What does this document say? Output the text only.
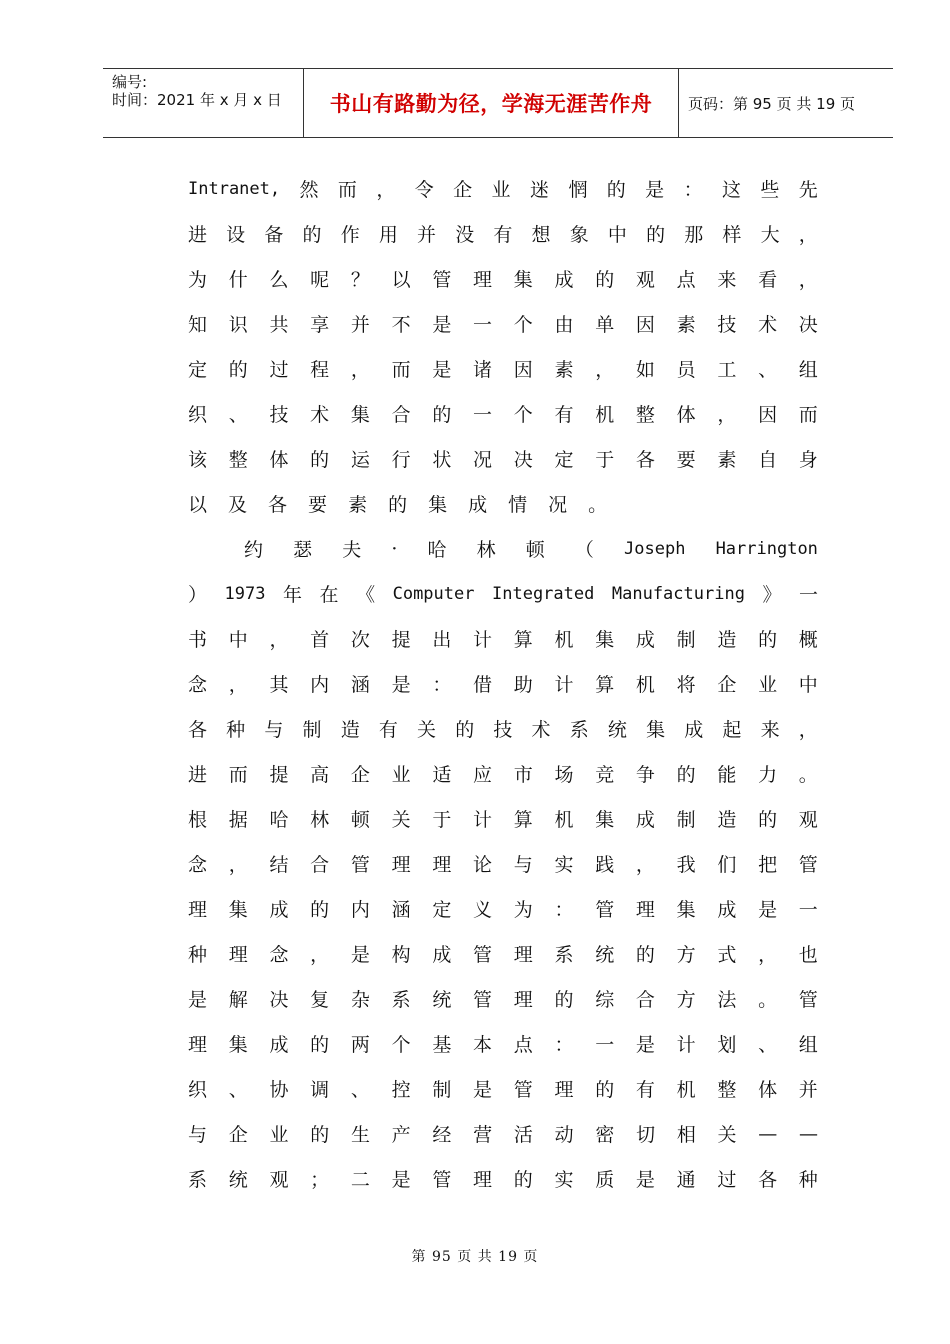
编号:
时间：2021 年 x 月 x 日 书山有路勤为径，学海无涯苦作舟 页码：第 95 页 共 19 页
Intranet, 然 而 ， 令 企 业 迷 惘 的 是 ： 这 些 先
进 设 备 的 作 用 并 没 有 想 象 中 的 那 样 大 ，
为 什 么 呢 ？ 以 管 理 集 成 的 观 点 来 看 ，
知 识 共 享 并 不 是 一 个 由 单 因 素 技 术 决
定 的 过 程 ， 而 是 诸 因 素 ， 如 员 工 、 组
织 、 技 术 集 合 的 一 个 有 机 整 体 ， 因 而
该 整 体 的 运 行 状 况 决 定 于 各 要 素 自 身
以 及 各 要 素 的 集 成 情 况 。
约 瑟 夫 · 哈 林 顿 （ Joseph Harrington
） 1973 年 在 《 Computer Integrated Manufacturing 》 一
书 中 ， 首 次 提 出 计 算 机 集 成 制 造 的 概
念 ， 其 内 涵 是 ： 借 助 计 算 机 将 企 业 中
各 种 与 制 造 有 关 的 技 术 系 统 集 成 起 来 ，
进 而 提 高 企 业 适 应 市 场 竞 争 的 能 力 。
根 据 哈 林 顿 关 于 计 算 机 集 成 制 造 的 观
念 ， 结 合 管 理 理 论 与 实 践 ， 我 们 把 管
理 集 成 的 内 涵 定 义 为 ： 管 理 集 成 是 一
种 理 念 ， 是 构 成 管 理 系 统 的 方 式 ， 也
是 解 决 复 杂 系 统 管 理 的 综 合 方 法 。 管
理 集 成 的 两 个 基 本 点 ： 一 是 计 划 、 组
织 、 协 调 、 控 制 是 管 理 的 有 机 整 体 并
与 企 业 的 生 产 经 营 活 动 密 切 相 关 — —
系 统 观 ； 二 是 管 理 的 实 质 是 通 过 各 种
第 95 页 共 19 页
